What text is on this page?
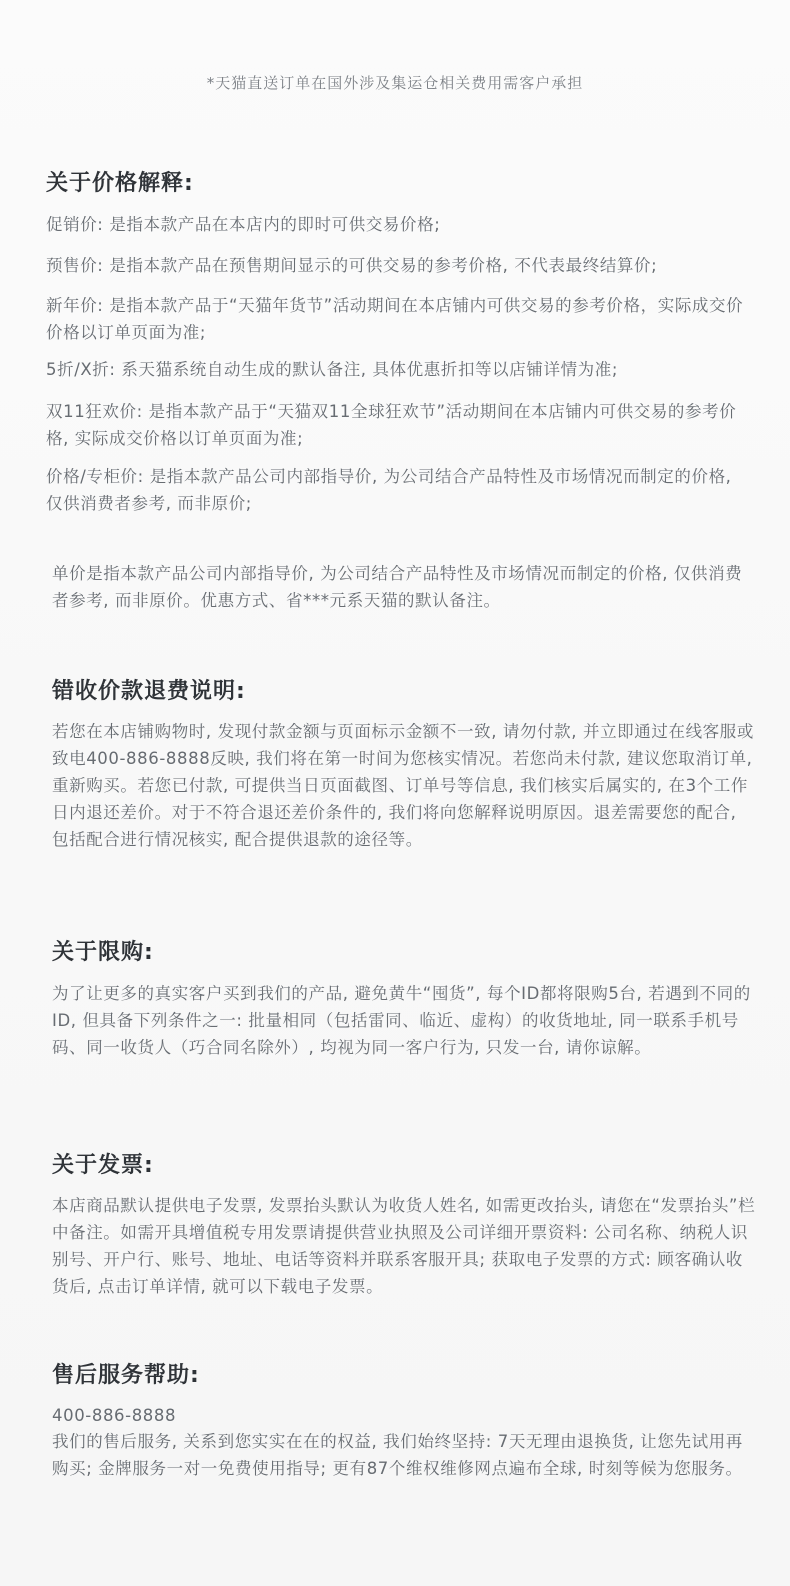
*天猫直送订单在国外涉及集运仓相关费用需客户承担

关于价格解释:

促销价: 是指本款产品在本店内的即时可供交易价格;

预售价: 是指本款产品在预售期间显示的可供交易的参考价格, 不代表最终结算价;

新年价: 是指本款产品于“天猫年货节”活动期间在本店铺内可供交易的参考价格，实际成交价价格以订单页面为准;

5折/X折: 系天猫系统自动生成的默认备注, 具体优惠折扣等以店铺详情为准;

双11狂欢价: 是指本款产品于“天猫双11全球狂欢节”活动期间在本店铺内可供交易的参考价格, 实际成交价格以订单页面为准;

价格/专柜价: 是指本款产品公司内部指导价, 为公司结合产品特性及市场情况而制定的价格, 仅供消费者参考, 而非原价;

单价是指本款产品公司内部指导价, 为公司结合产品特性及市场情况而制定的价格, 仅供消费者参考, 而非原价。优惠方式、省***元系天猫的默认备注。

错收价款退费说明:

若您在本店铺购物时, 发现付款金额与页面标示金额不一致, 请勿付款, 并立即通过在线客服或致电400-886-8888反映, 我们将在第一时间为您核实情况。若您尚未付款, 建议您取消订单, 重新购买。若您已付款, 可提供当日页面截图、订单号等信息, 我们核实后属实的, 在3个工作日内退还差价。对于不符合退还差价条件的, 我们将向您解释说明原因。退差需要您的配合, 包括配合进行情况核实, 配合提供退款的途径等。

关于限购:

为了让更多的真实客户买到我们的产品, 避免黄牛“囤货”, 每个ID都将限购5台, 若遇到不同的ID, 但具备下列条件之一: 批量相同（包括雷同、临近、虚构）的收货地址, 同一联系手机号码、同一收货人（巧合同名除外）, 均视为同一客户行为, 只发一台, 请你谅解。

关于发票:

本店商品默认提供电子发票, 发票抬头默认为收货人姓名, 如需更改抬头, 请您在“发票抬头”栏中备注。如需开具增值税专用发票请提供营业执照及公司详细开票资料: 公司名称、纳税人识别号、开户行、账号、地址、电话等资料并联系客服开具; 获取电子发票的方式: 顾客确认收货后, 点击订单详情, 就可以下载电子发票。

售后服务帮助:

400-886-8888

我们的售后服务, 关系到您实实在在的权益, 我们始终坚持: 7天无理由退换货, 让您先试用再购买; 金牌服务一对一免费使用指导; 更有87个维权维修网点遍布全球, 时刻等候为您服务。
